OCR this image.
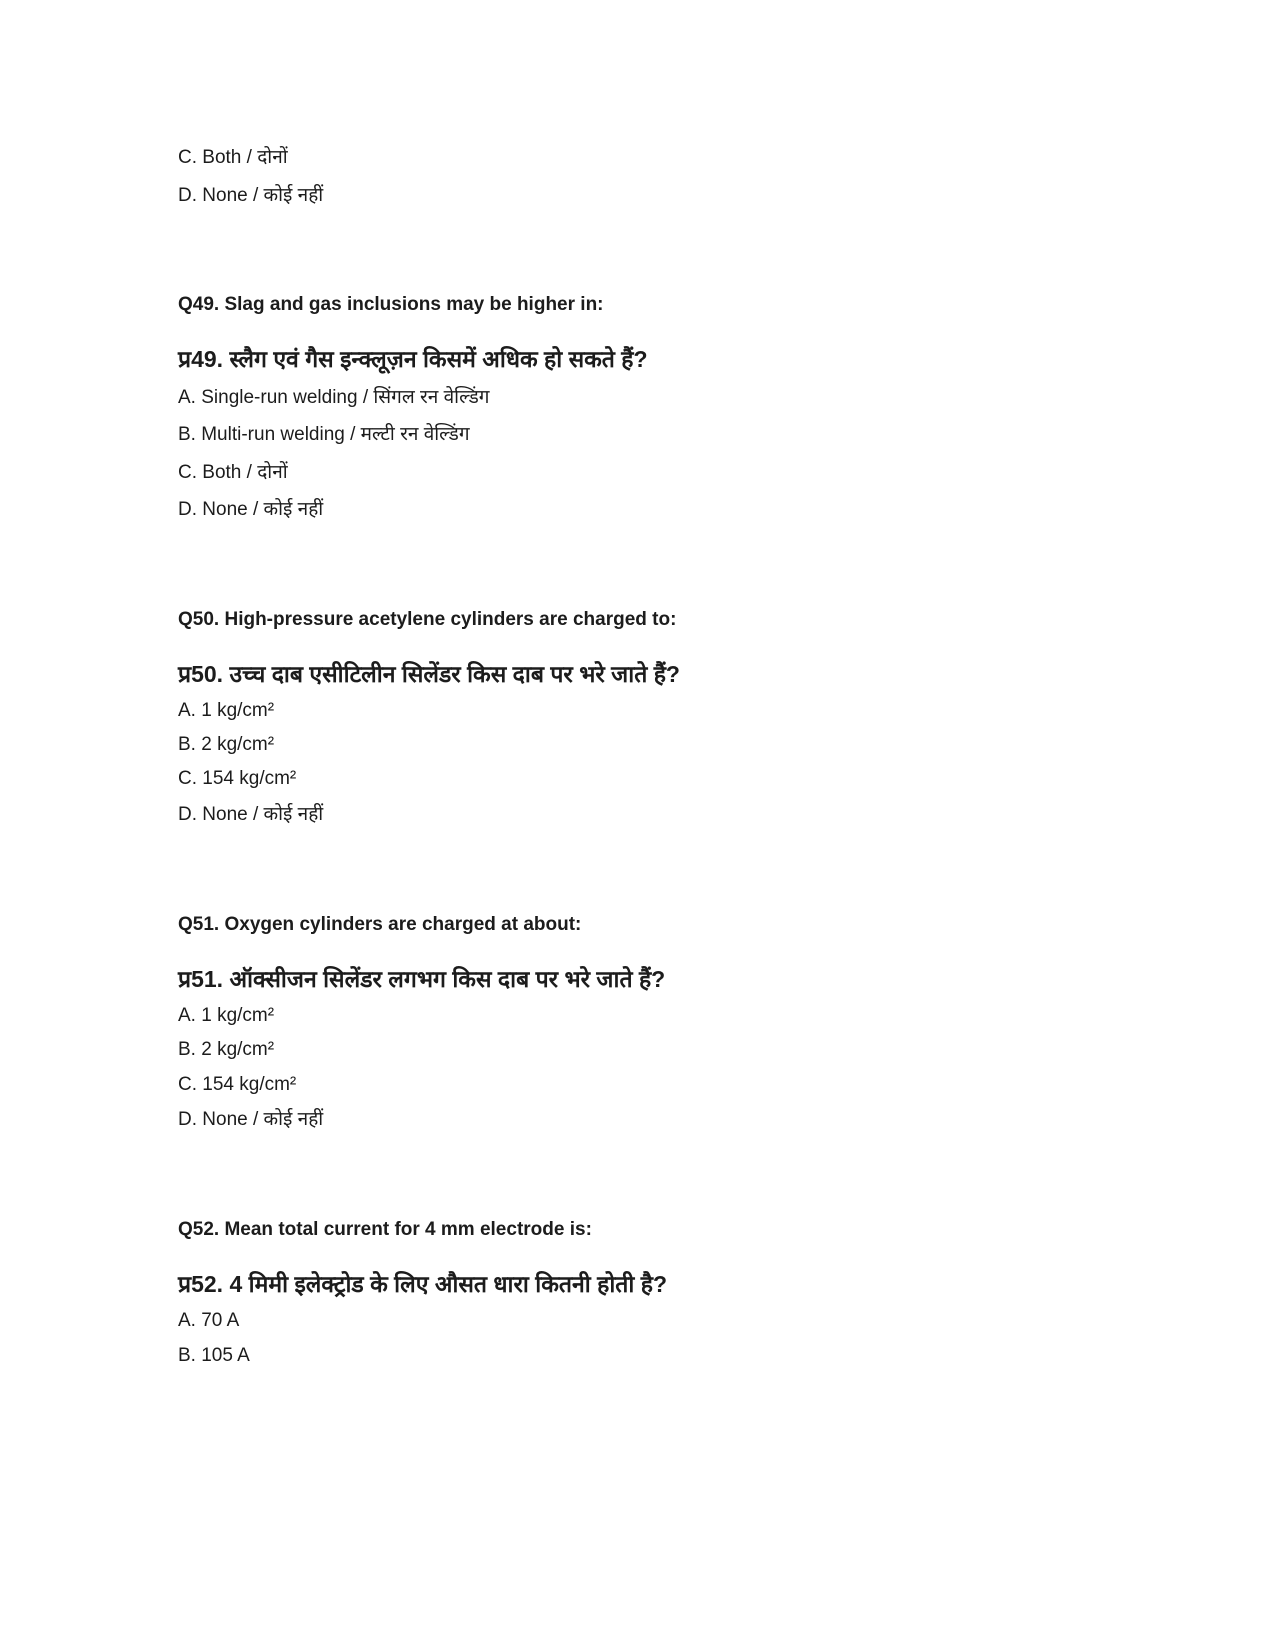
C. Both / दोनों
D. None / कोई नहीं
Q49. Slag and gas inclusions may be higher in:
प्र49. स्लैग एवं गैस इन्क्लूज़न किसमें अधिक हो सकते हैं?
A. Single-run welding / सिंगल रन वेल्डिंग
B. Multi-run welding / मल्टी रन वेल्डिंग
C. Both / दोनों
D. None / कोई नहीं
Q50. High-pressure acetylene cylinders are charged to:
प्र50. उच्च दाब एसीटिलीन सिलेंडर किस दाब पर भरे जाते हैं?
A. 1 kg/cm²
B. 2 kg/cm²
C. 154 kg/cm²
D. None / कोई नहीं
Q51. Oxygen cylinders are charged at about:
प्र51. ऑक्सीजन सिलेंडर लगभग किस दाब पर भरे जाते हैं?
A. 1 kg/cm²
B. 2 kg/cm²
C. 154 kg/cm²
D. None / कोई नहीं
Q52. Mean total current for 4 mm electrode is:
प्र52. 4 मिमी इलेक्ट्रोड के लिए औसत धारा कितनी होती है?
A. 70 A
B. 105 A
